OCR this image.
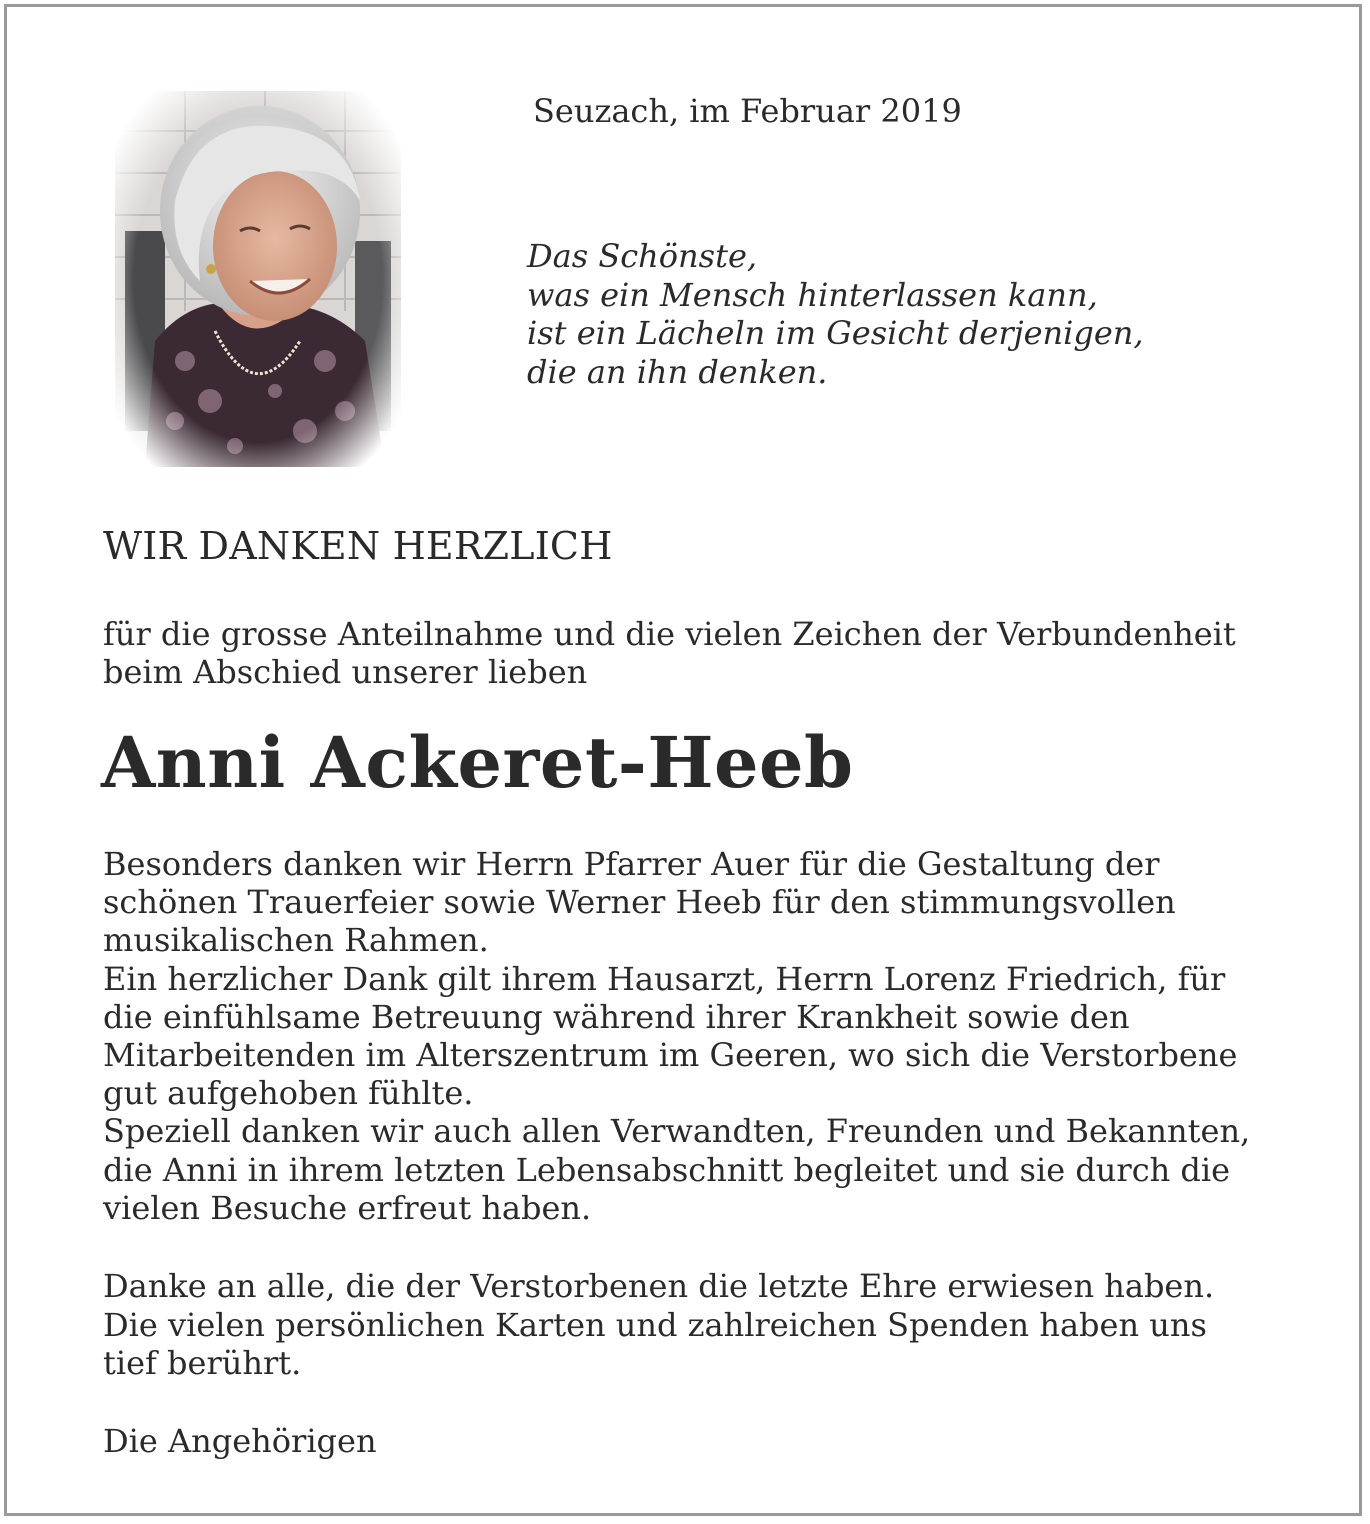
Seuzach, im Februar 2019
Das Schönste,
was ein Mensch hinterlassen kann,
ist ein Lächeln im Gesicht derjenigen,
die an ihn denken.
WIR DANKEN HERZLICH
für die grosse Anteilnahme und die vielen Zeichen der Verbundenheit
beim Abschied unserer lieben
Anni Ackeret-Heeb
Besonders danken wir Herrn Pfarrer Auer für die Gestaltung der
schönen Trauerfeier sowie Werner Heeb für den stimmungsvollen
musikalischen Rahmen.
Ein herzlicher Dank gilt ihrem Hausarzt, Herrn Lorenz Friedrich, für
die einfühlsame Betreuung während ihrer Krankheit sowie den
Mitarbeitenden im Alterszentrum im Geeren, wo sich die Verstorbene
gut aufgehoben fühlte.
Speziell danken wir auch allen Verwandten, Freunden und Bekannten,
die Anni in ihrem letzten Lebensabschnitt begleitet und sie durch die
vielen Besuche erfreut haben.
Danke an alle, die der Verstorbenen die letzte Ehre erwiesen haben.
Die vielen persönlichen Karten und zahlreichen Spenden haben uns
tief berührt.
Die Angehörigen
